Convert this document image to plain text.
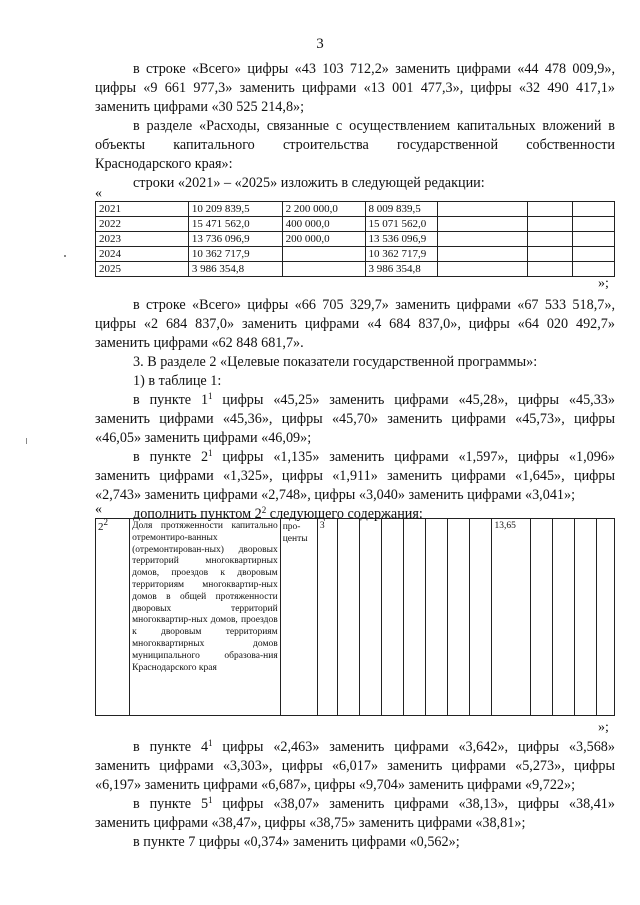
3

в строке «Всего» цифры «43 103 712,2» заменить цифрами «44 478 009,9», цифры «9 661 977,3» заменить цифрами «13 001 477,3», цифры «32 490 417,1» заменить цифрами «30 525 214,8»;

в разделе «Расходы, связанные с осуществлением капитальных вложений в объекты капитального строительства государственной собственности Краснодарского края»:

строки «2021» – «2025» изложить в следующей редакции:

«
2021	10 209 839,5	2 200 000,0	8 009 839,5			
2022	15 471 562,0	400 000,0	15 071 562,0			
2023	13 736 096,9	200 000,0	13 536 096,9			
2024	10 362 717,9		10 362 717,9			
2025	3 986 354,8		3 986 354,8			
»;

в строке «Всего» цифры «66 705 329,7» заменить цифрами «67 533 518,7», цифры «2 684 837,0» заменить цифрами «4 684 837,0», цифры «64 020 492,7» заменить цифрами «62 848 681,7».

3. В разделе 2 «Целевые показатели государственной программы»:

1) в таблице 1:

в пункте $1^1$ цифры «45,25» заменить цифрами «45,28», цифры «45,33» заменить цифрами «45,36», цифры «45,70» заменить цифрами «45,73», цифры «46,05» заменить цифрами «46,09»;

в пункте $2^1$ цифры «1,135» заменить цифрами «1,597», цифры «1,096» заменить цифрами «1,325», цифры «1,911» заменить цифрами «1,645», цифры «2,743» заменить цифрами «2,748», цифры «3,040» заменить цифрами «3,041»;

дополнить пунктом $2^2$ следующего содержания:

«
$2^2$	Доля протяженности капитально отремонтиро-ванных (отремонтирован-ных) дворовых территорий многоквартирных домов, проездов к дворовым территориям многоквартир-ных домов в общей протяженности дворовых территорий многоквартир-ных домов, проездов к дворовым территориям многоквартирных домов муниципального образова-ния Краснодарского края	про-центы	3								13,65				
»;

в пункте $4^1$ цифры «2,463» заменить цифрами «3,642», цифры «3,568» заменить цифрами «3,303», цифры «6,017» заменить цифрами «5,273», цифры «6,197» заменить цифрами «6,687», цифры «9,704» заменить цифрами «9,722»;

в пункте $5^1$ цифры «38,07» заменить цифрами «38,13», цифры «38,41» заменить цифрами «38,47», цифры «38,75» заменить цифрами «38,81»;

в пункте 7 цифры «0,374» заменить цифрами «0,562»;
